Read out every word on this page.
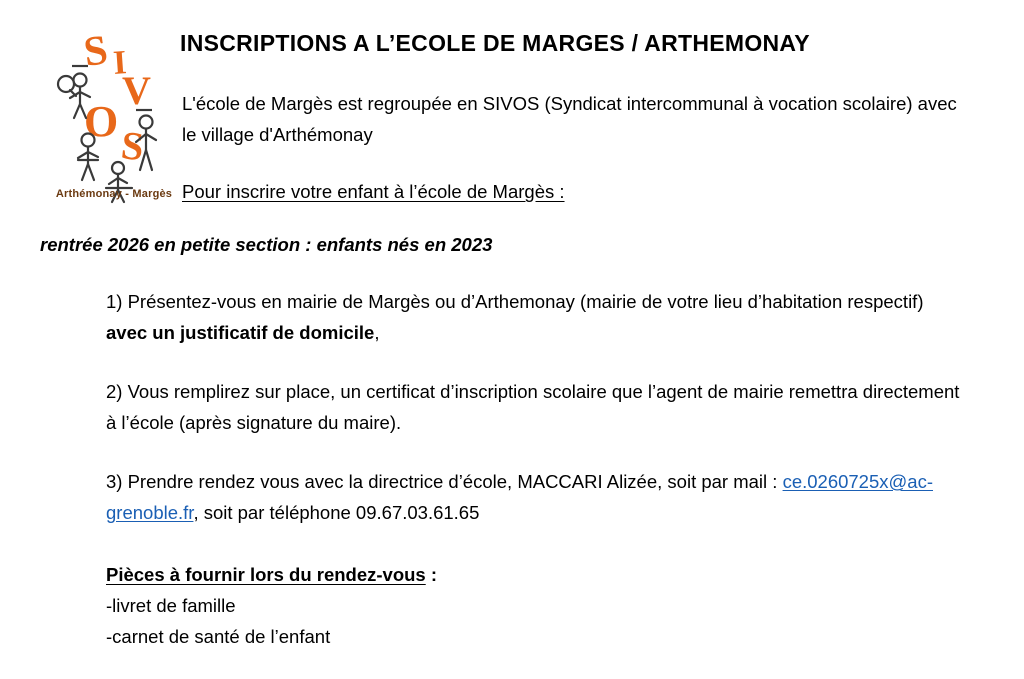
S I
V
O S
Arthémonay - Margès
INSCRIPTIONS A L’ECOLE DE MARGES / ARTHEMONAY
L'école de Margès est regroupée en SIVOS (Syndicat intercommunal à vocation scolaire) avec le village d'Arthémonay
Pour inscrire votre enfant à l’école de Margès :
rentrée 2026 en petite section : enfants nés en 2023
1) Présentez-vous en mairie de Margès ou d’Arthemonay (mairie de votre lieu d’habitation respectif) avec un justificatif de domicile,
2) Vous remplirez sur place, un certificat d’inscription scolaire que l’agent de mairie remettra directement à l’école (après signature du maire).
3) Prendre rendez vous avec la directrice d’école, MACCARI Alizée, soit par mail : ce.0260725x@ac-grenoble.fr, soit par téléphone 09.67.03.61.65
Pièces à fournir lors du rendez-vous :
-livret de famille
-carnet de santé de l’enfant
